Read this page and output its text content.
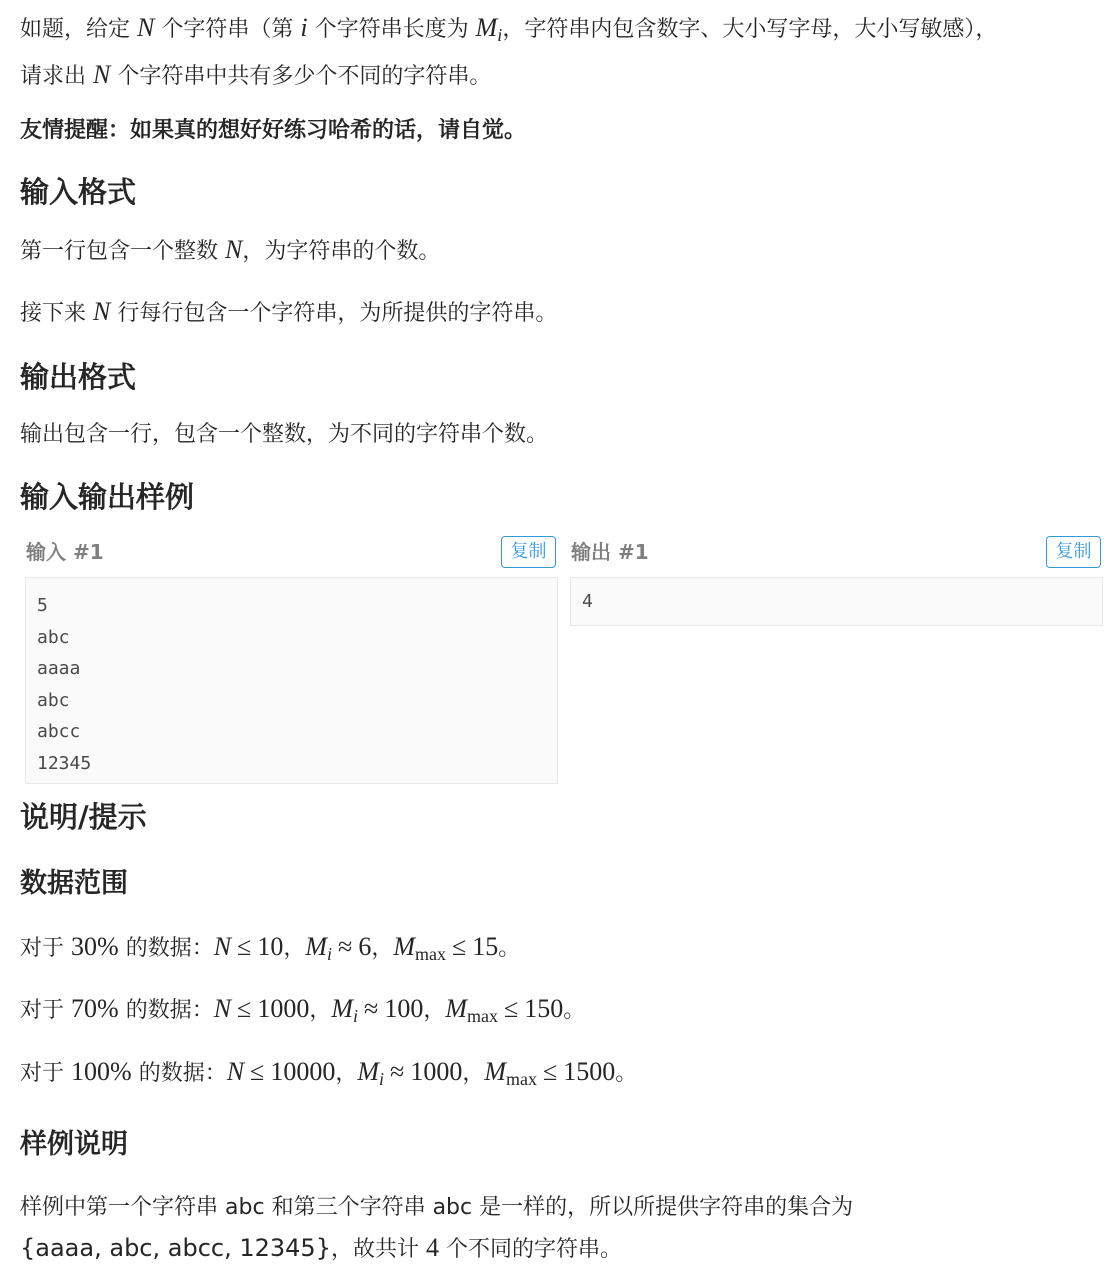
如题，给定 N 个字符串（第 i 个字符串长度为 Mi，字符串内包含数字、大小写字母，大小写敏感），

请求出 N 个字符串中共有多少个不同的字符串。

友情提醒：如果真的想好好练习哈希的话，请自觉。

输入格式

第一行包含一个整数 N，为字符串的个数。

接下来 N 行每行包含一个字符串，为所提供的字符串。

输出格式

输出包含一行，包含一个整数，为不同的字符串个数。

输入输出样例
输入 #1	复制
5
abc
aaaa
abc
abcc
12345
输出 #1	复制
4
说明/提示
数据范围

对于 30% 的数据：N ≤ 10，Mi ≈ 6，Mmax ≤ 15。

对于 70% 的数据：N ≤ 1000，Mi ≈ 100，Mmax ≤ 150。

对于 100% 的数据：N ≤ 10000，Mi ≈ 1000，Mmax ≤ 1500。

样例说明

样例中第一个字符串 abc 和第三个字符串 abc 是一样的，所以所提供字符串的集合为

{aaaa, abc, abcc, 12345}，故共计 4 个不同的字符串。
